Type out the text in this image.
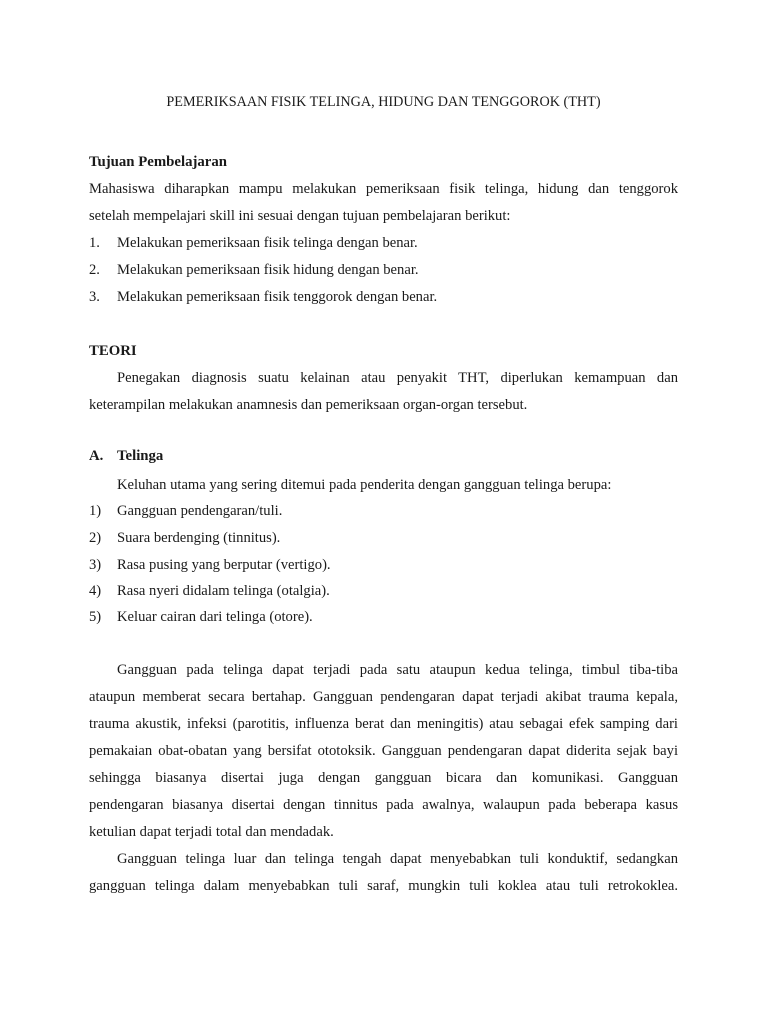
PEMERIKSAAN FISIK TELINGA, HIDUNG DAN TENGGOROK (THT)
Tujuan Pembelajaran
Mahasiswa diharapkan mampu melakukan pemeriksaan fisik telinga, hidung dan tenggorok
setelah mempelajari skill ini sesuai dengan tujuan pembelajaran berikut:
1. Melakukan pemeriksaan fisik telinga dengan benar.
2. Melakukan pemeriksaan fisik hidung dengan benar.
3. Melakukan pemeriksaan fisik tenggorok dengan benar.
TEORI
Penegakan diagnosis suatu kelainan atau penyakit THT, diperlukan kemampuan dan
keterampilan melakukan anamnesis dan pemeriksaan organ-organ tersebut.
A. Telinga
Keluhan utama yang sering ditemui pada penderita dengan gangguan telinga berupa:
1) Gangguan pendengaran/tuli.
2) Suara berdenging (tinnitus).
3) Rasa pusing yang berputar (vertigo).
4) Rasa nyeri didalam telinga (otalgia).
5) Keluar cairan dari telinga (otore).
Gangguan pada telinga dapat terjadi pada satu ataupun kedua telinga, timbul tiba-tiba
ataupun memberat secara bertahap. Gangguan pendengaran dapat terjadi akibat trauma kepala,
trauma akustik, infeksi (parotitis, influenza berat dan meningitis) atau sebagai efek samping dari
pemakaian obat-obatan yang bersifat ototoksik. Gangguan pendengaran dapat diderita sejak bayi
sehingga biasanya disertai juga dengan gangguan bicara dan komunikasi. Gangguan
pendengaran biasanya disertai dengan tinnitus pada awalnya, walaupun pada beberapa kasus
ketulian dapat terjadi total dan mendadak.
Gangguan telinga luar dan telinga tengah dapat menyebabkan tuli konduktif, sedangkan
gangguan telinga dalam menyebabkan tuli saraf, mungkin tuli koklea atau tuli retrokoklea.
